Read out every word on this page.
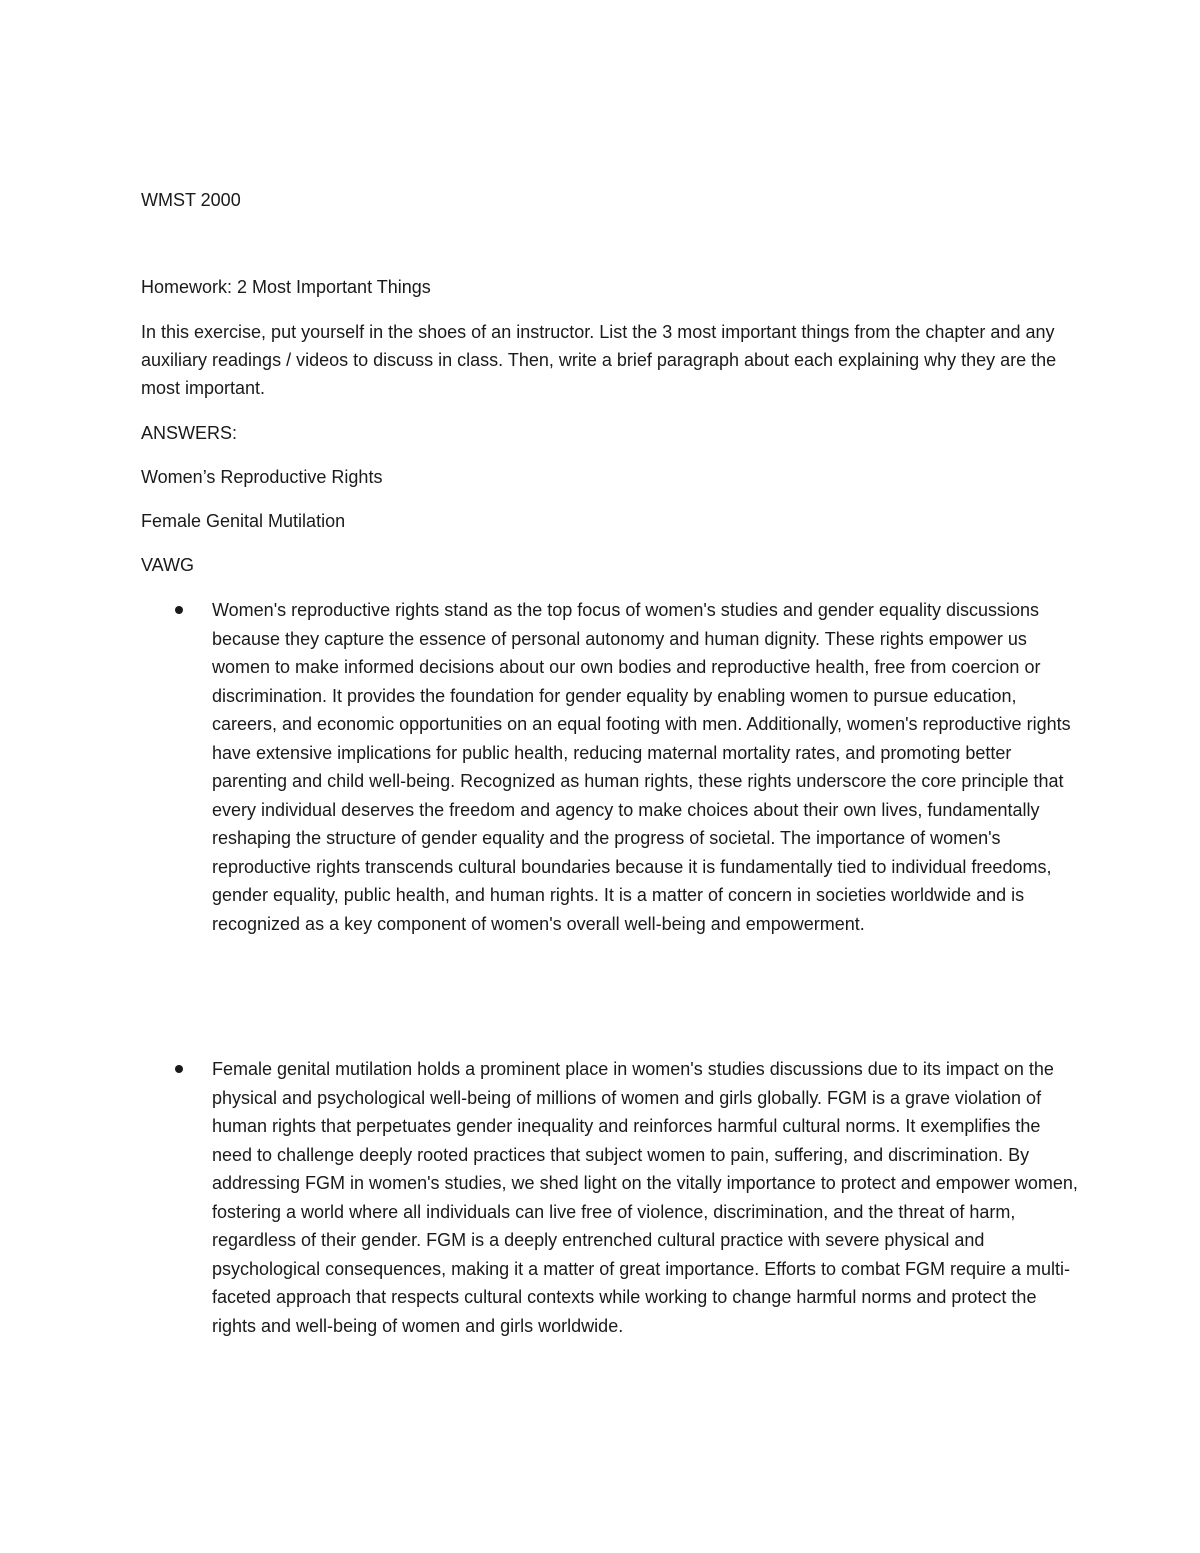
WMST 2000

Homework: 2 Most Important Things

In this exercise, put yourself in the shoes of an instructor. List the 3 most important things from the chapter and any auxiliary readings / videos to discuss in class. Then, write a brief paragraph about each explaining why they are the most important.

ANSWERS:

Women’s Reproductive Rights

Female Genital Mutilation

VAWG

Women's reproductive rights stand as the top focus of women's studies and gender equality discussions because they capture the essence of personal autonomy and human dignity. These rights empower us women to make informed decisions about our own bodies and reproductive health, free from coercion or discrimination. It provides the foundation for gender equality by enabling women to pursue education, careers, and economic opportunities on an equal footing with men. Additionally, women's reproductive rights have extensive implications for public health, reducing maternal mortality rates, and promoting better parenting and child well-being. Recognized as human rights, these rights underscore the core principle that every individual deserves the freedom and agency to make choices about their own lives, fundamentally reshaping the structure of gender equality and the progress of societal. The importance of women's reproductive rights transcends cultural boundaries because it is fundamentally tied to individual freedoms, gender equality, public health, and human rights. It is a matter of concern in societies worldwide and is recognized as a key component of women's overall well-being and empowerment.

Female genital mutilation holds a prominent place in women's studies discussions due to its impact on the physical and psychological well-being of millions of women and girls globally. FGM is a grave violation of human rights that perpetuates gender inequality and reinforces harmful cultural norms. It exemplifies the need to challenge deeply rooted practices that subject women to pain, suffering, and discrimination. By addressing FGM in women's studies, we shed light on the vitally importance to protect and empower women, fostering a world where all individuals can live free of violence, discrimination, and the threat of harm, regardless of their gender. FGM is a deeply entrenched cultural practice with severe physical and psychological consequences, making it a matter of great importance. Efforts to combat FGM require a multi-faceted approach that respects cultural contexts while working to change harmful norms and protect the rights and well-being of women and girls worldwide.
